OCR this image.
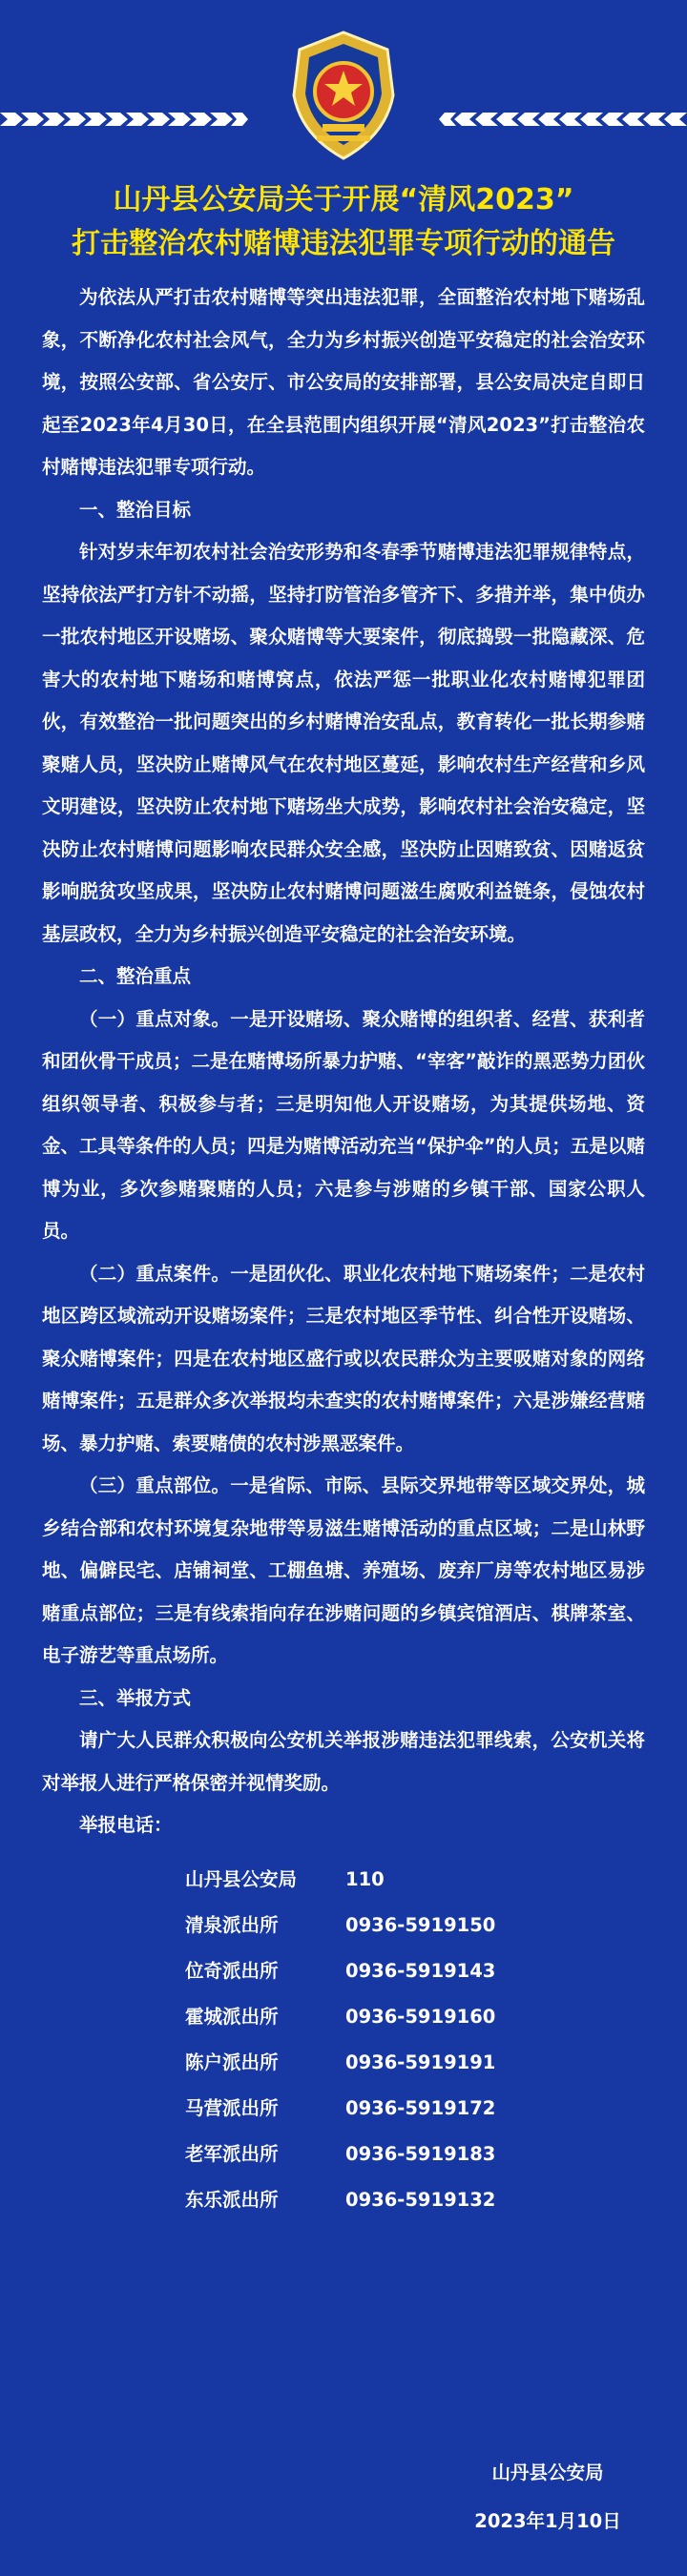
山丹县公安局关于开展“清风2023”
打击整治农村赌博违法犯罪专项行动的通告

为依法从严打击农村赌博等突出违法犯罪，全面整治农村地下赌场乱象，不断净化农村社会风气，全力为乡村振兴创造平安稳定的社会治安环境，按照公安部、省公安厅、市公安局的安排部署，县公安局决定自即日起至2023年4月30日，在全县范围内组织开展“清风2023”打击整治农村赌博违法犯罪专项行动。

一、整治目标

针对岁末年初农村社会治安形势和冬春季节赌博违法犯罪规律特点，坚持依法严打方针不动摇，坚持打防管治多管齐下、多措并举，集中侦办一批农村地区开设赌场、聚众赌博等大要案件，彻底捣毁一批隐藏深、危害大的农村地下赌场和赌博窝点，依法严惩一批职业化农村赌博犯罪团伙，有效整治一批问题突出的乡村赌博治安乱点，教育转化一批长期参赌聚赌人员，坚决防止赌博风气在农村地区蔓延，影响农村生产经营和乡风文明建设，坚决防止农村地下赌场坐大成势，影响农村社会治安稳定，坚决防止农村赌博问题影响农民群众安全感，坚决防止因赌致贫、因赌返贫影响脱贫攻坚成果，坚决防止农村赌博问题滋生腐败利益链条，侵蚀农村基层政权，全力为乡村振兴创造平安稳定的社会治安环境。

二、整治重点

（一）重点对象。一是开设赌场、聚众赌博的组织者、经营、获利者和团伙骨干成员；二是在赌博场所暴力护赌、“宰客”敲诈的黑恶势力团伙组织领导者、积极参与者；三是明知他人开设赌场，为其提供场地、资金、工具等条件的人员；四是为赌博活动充当“保护伞”的人员；五是以赌博为业，多次参赌聚赌的人员；六是参与涉赌的乡镇干部、国家公职人员。

（二）重点案件。一是团伙化、职业化农村地下赌场案件；二是农村地区跨区域流动开设赌场案件；三是农村地区季节性、纠合性开设赌场、聚众赌博案件；四是在农村地区盛行或以农民群众为主要吸赌对象的网络赌博案件；五是群众多次举报均未查实的农村赌博案件；六是涉嫌经营赌场、暴力护赌、索要赌债的农村涉黑恶案件。

（三）重点部位。一是省际、市际、县际交界地带等区域交界处，城乡结合部和农村环境复杂地带等易滋生赌博活动的重点区域；二是山林野地、偏僻民宅、店铺祠堂、工棚鱼塘、养殖场、废弃厂房等农村地区易涉赌重点部位；三是有线索指向存在涉赌问题的乡镇宾馆酒店、棋牌茶室、电子游艺等重点场所。

三、举报方式

请广大人民群众积极向公安机关举报涉赌违法犯罪线索，公安机关将对举报人进行严格保密并视情奖励。

举报电话：

山丹县公安局	110
清泉派出所	0936-5919150
位奇派出所	0936-5919143
霍城派出所	0936-5919160
陈户派出所	0936-5919191
马营派出所	0936-5919172
老军派出所	0936-5919183
东乐派出所	0936-5919132
山丹县公安局
2023年1月10日
